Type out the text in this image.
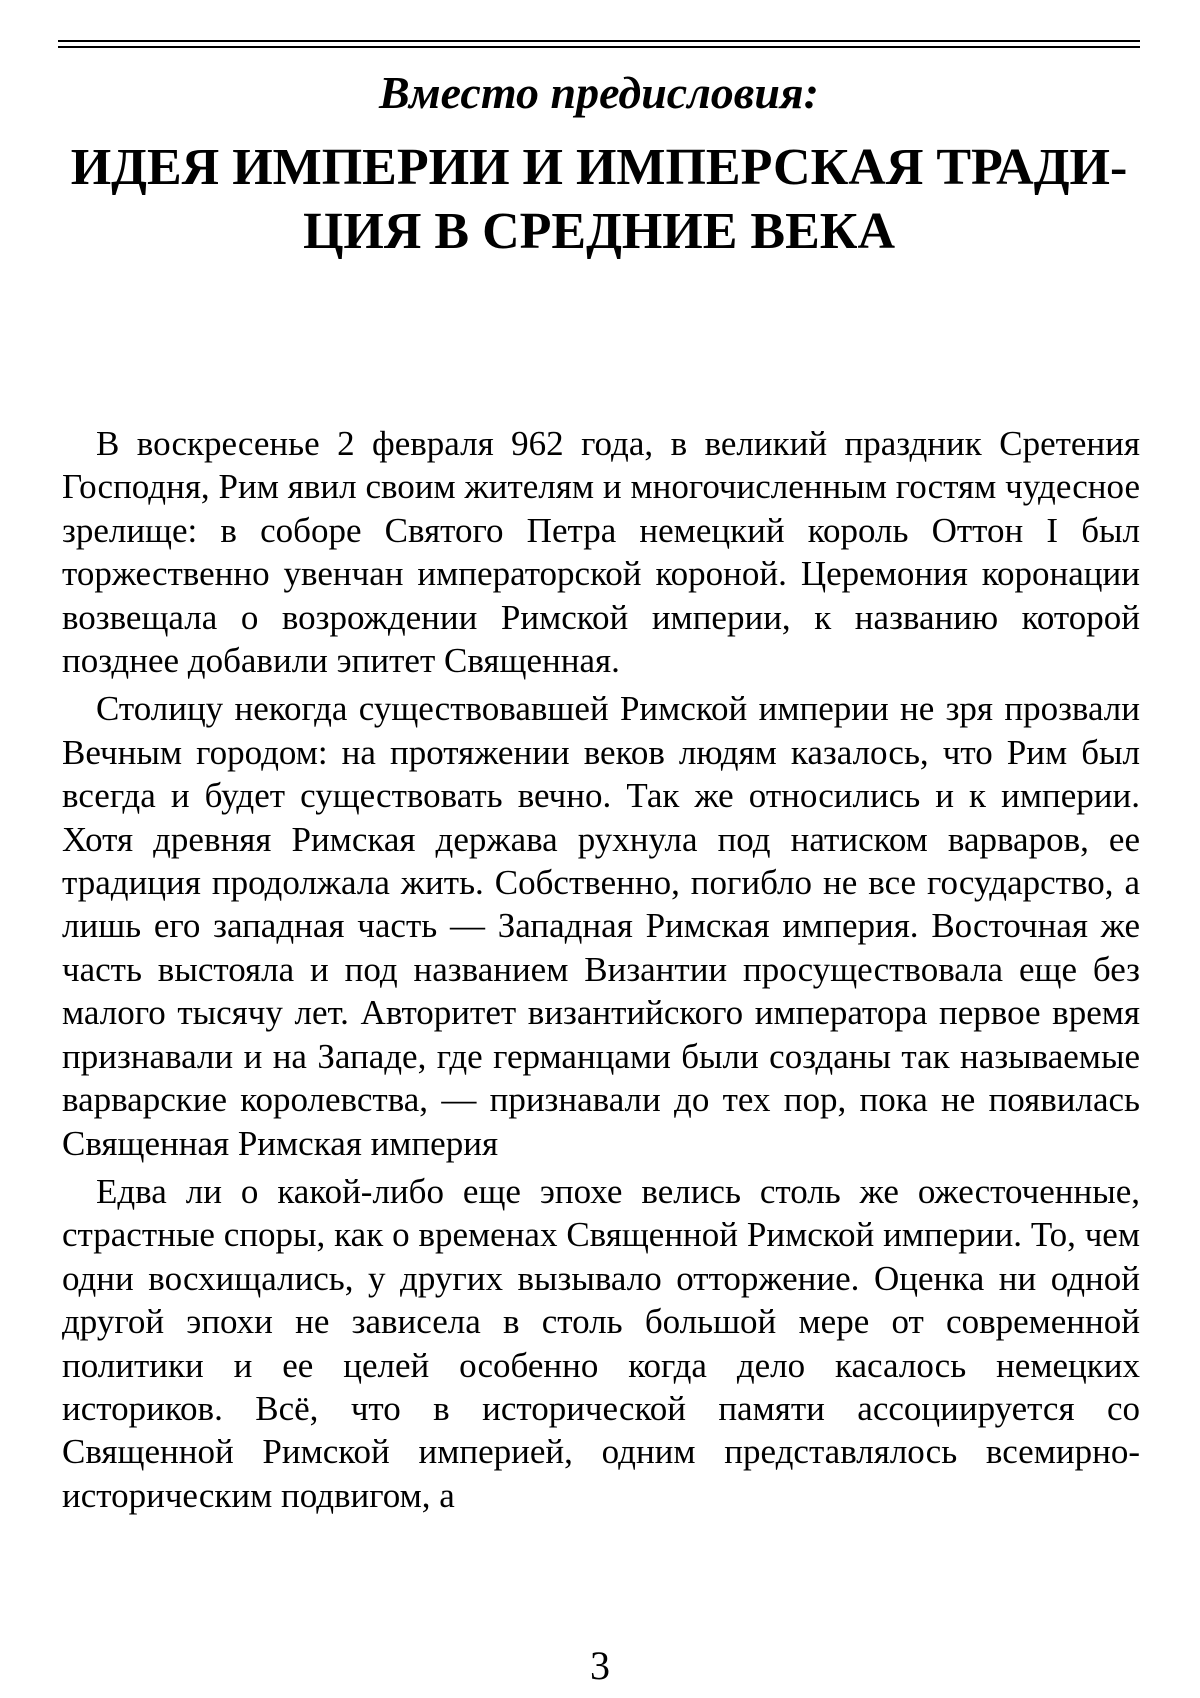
Вместо предисловия:
ИДЕЯ ИМПЕРИИ И ИМПЕРСКАЯ ТРАДИ-
ЦИЯ В СРЕДНИЕ ВЕКА

В воскресенье 2 февраля 962 года, в великий праздник Сретения Господня, Рим явил своим жителям и многочисленным гостям чудесное зрелище: в соборе Святого Петра немецкий король Оттон I был торжественно увенчан императорской короной. Церемония коронации возвещала о возрождении Римской империи, к названию которой позднее добавили эпитет Священная.

Столицу некогда существовавшей Римской империи не зря прозвали Вечным городом: на протяжении веков людям казалось, что Рим был всегда и будет существовать вечно. Так же относились и к империи. Хотя древняя Римская держава рухнула под натиском варваров, ее традиция продолжала жить. Собственно, погибло не все государство, а лишь его западная часть — Западная Римская империя. Восточная же часть выстояла и под названием Византии просуществовала еще без малого тысячу лет. Авторитет византийского императора первое время признавали и на Западе, где германцами были созданы так называемые варварские королевства, — признавали до тех пор, пока не появилась Священная Римская империя

Едва ли о какой-либо еще эпохе велись столь же ожесточенные, страстные споры, как о временах Священной Римской империи. То, чем одни восхищались, у других вызывало отторжение. Оценка ни одной другой эпохи не зависела в столь большой мере от современной политики и ее целей особенно когда дело касалось немецких историков. Всё, что в исторической памяти ассоциируется со Священной Римской империей, одним представлялось всемирно-историческим подвигом, а

3
